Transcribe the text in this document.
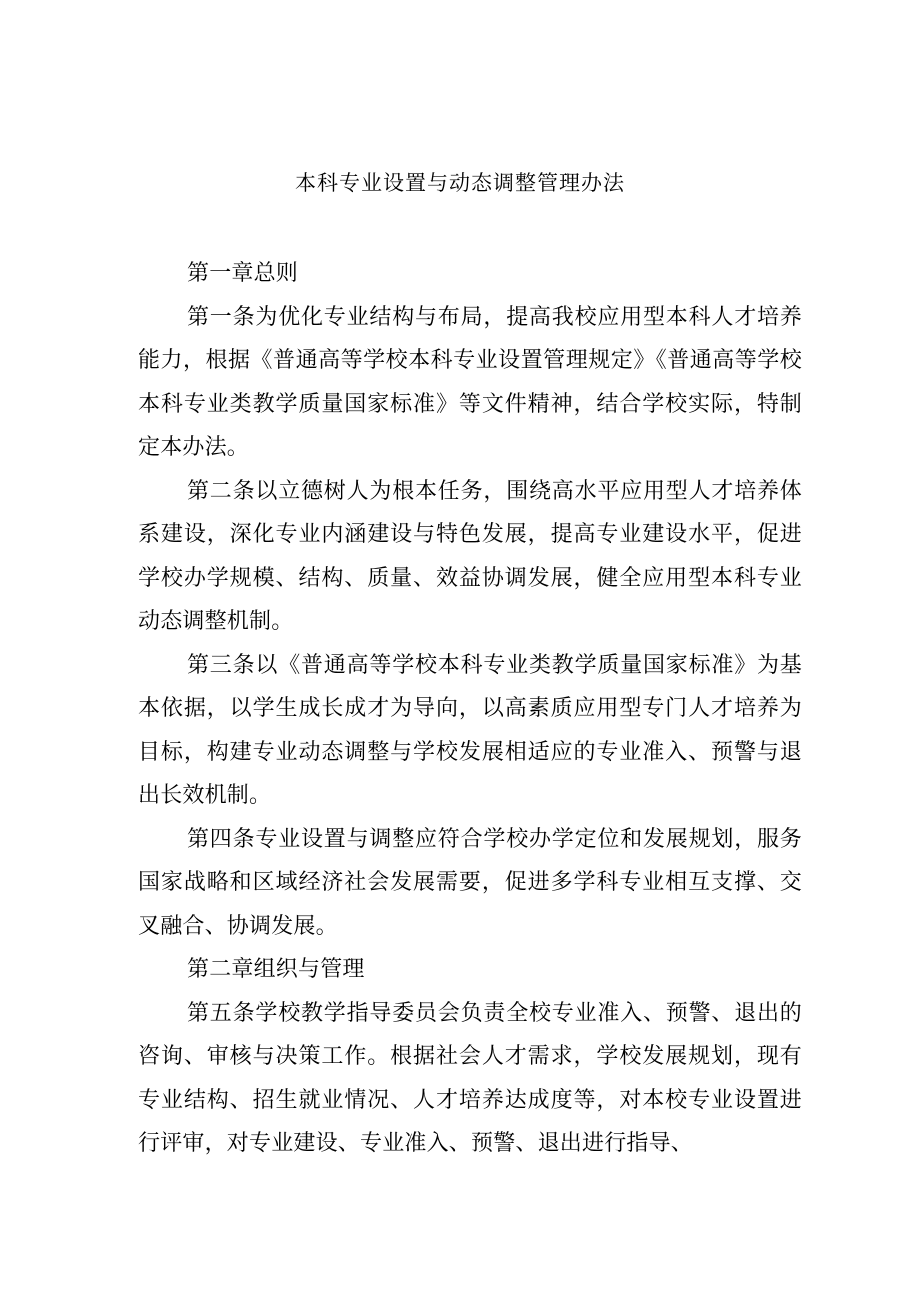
本科专业设置与动态调整管理办法

第一章总则

第一条为优化专业结构与布局，提高我校应用型本科人才培养能力，根据《普通高等学校本科专业设置管理规定》《普通高等学校本科专业类教学质量国家标准》等文件精神，结合学校实际，特制定本办法。

第二条以立德树人为根本任务，围绕高水平应用型人才培养体系建设，深化专业内涵建设与特色发展，提高专业建设水平，促进学校办学规模、结构、质量、效益协调发展，健全应用型本科专业动态调整机制。

第三条以《普通高等学校本科专业类教学质量国家标准》为基本依据，以学生成长成才为导向，以高素质应用型专门人才培养为目标，构建专业动态调整与学校发展相适应的专业准入、预警与退出长效机制。

第四条专业设置与调整应符合学校办学定位和发展规划，服务国家战略和区域经济社会发展需要，促进多学科专业相互支撑、交叉融合、协调发展。

第二章组织与管理

第五条学校教学指导委员会负责全校专业准入、预警、退出的咨询、审核与决策工作。根据社会人才需求，学校发展规划，现有专业结构、招生就业情况、人才培养达成度等，对本校专业设置进行评审，对专业建设、专业准入、预警、退出进行指导、
